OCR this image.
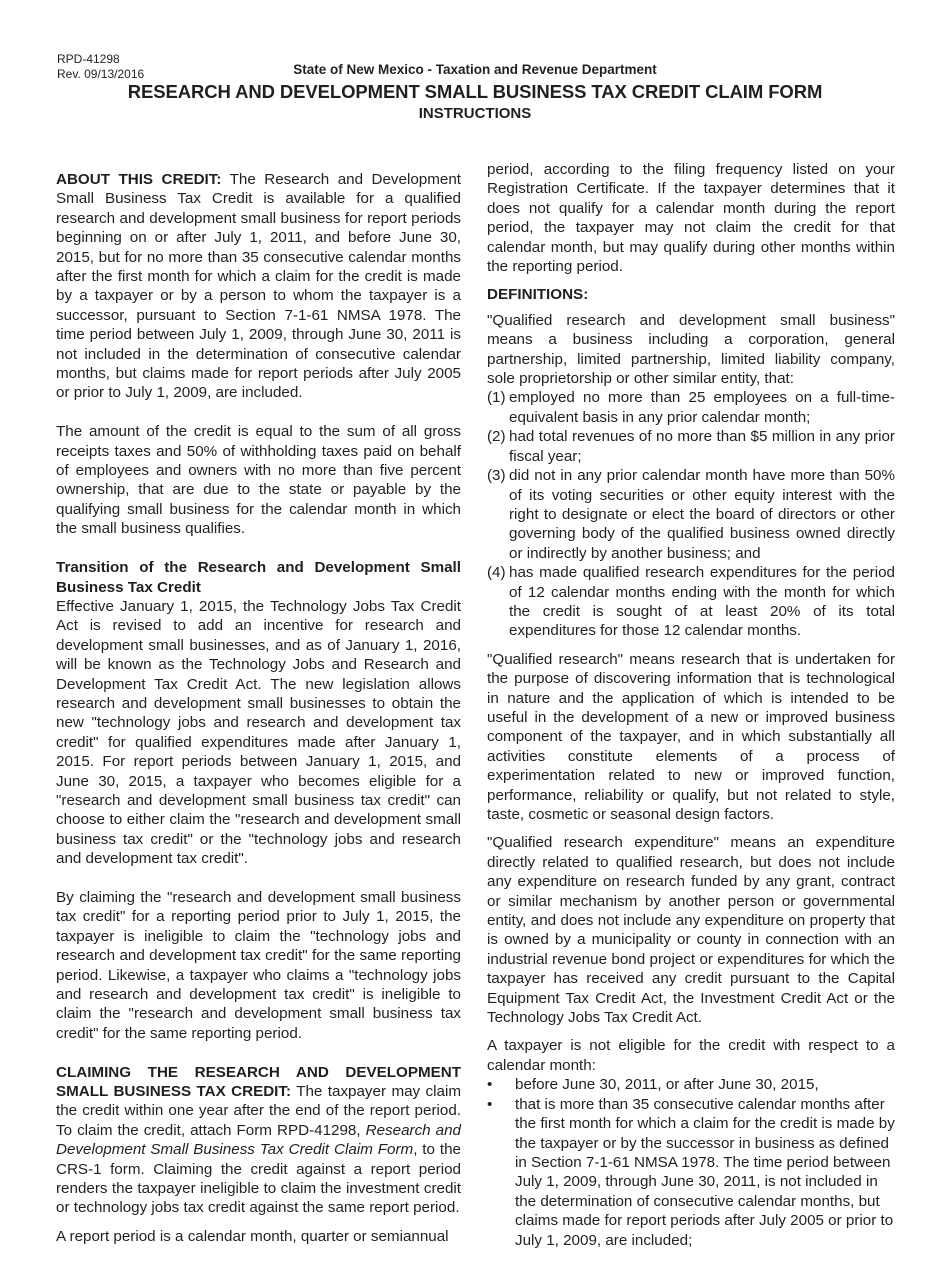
RPD-41298
Rev. 09/13/2016	State of New Mexico - Taxation and Revenue Department
RESEARCH AND DEVELOPMENT SMALL BUSINESS TAX CREDIT CLAIM FORM
INSTRUCTIONS

ABOUT THIS CREDIT: The Research and Development Small Business Tax Credit is available for a qualified research and development small business for report periods beginning on or after July 1, 2011, and before June 30, 2015, but for no more than 35 consecutive calendar months after the first month for which a claim for the credit is made by a taxpayer or by a person to whom the taxpayer is a successor, pursuant to Section 7-1-61 NMSA 1978. The time period between July 1, 2009, through June 30, 2011 is not included in the determination of consecutive calendar months, but claims made for report periods after July 2005 or prior to July 1, 2009, are included.

The amount of the credit is equal to the sum of all gross receipts taxes and 50% of withholding taxes paid on behalf of employees and owners with no more than five percent ownership, that are due to the state or payable by the qualifying small business for the calendar month in which the small business qualifies.

Transition of the Research and Development Small Business Tax Credit

Effective January 1, 2015, the Technology Jobs Tax Credit Act is revised to add an incentive for research and development small businesses, and as of January 1, 2016, will be known as the Technology Jobs and Research and Development Tax Credit Act. The new legislation allows research and development small businesses to obtain the new "technology jobs and research and development tax credit" for qualified expenditures made after January 1, 2015. For report periods between January 1, 2015, and June 30, 2015, a taxpayer who becomes eligible for a "research and development small business tax credit" can choose to either claim the "research and development small business tax credit" or the "technology jobs and research and development tax credit".

By claiming the "research and development small business tax credit" for a reporting period prior to July 1, 2015, the taxpayer is ineligible to claim the "technology jobs and research and development tax credit" for the same reporting period. Likewise, a taxpayer who claims a "technology jobs and research and development tax credit" is ineligible to claim the "research and development small business tax credit" for the same reporting period.

CLAIMING THE RESEARCH AND DEVELOPMENT SMALL BUSINESS TAX CREDIT: The taxpayer may claim the credit within one year after the end of the report period. To claim the credit, attach Form RPD-41298, Research and Development Small Business Tax Credit Claim Form, to the CRS-1 form. Claiming the credit against a report period renders the taxpayer ineligible to claim the investment credit or technology jobs tax credit against the same report period.

A report period is a calendar month, quarter or semiannual

period, according to the filing frequency listed on your Registration Certificate. If the taxpayer determines that it does not qualify for a calendar month during the report period, the taxpayer may not claim the credit for that calendar month, but may qualify during other months within the reporting period.

DEFINITIONS:

"Qualified research and development small business" means a business including a corporation, general partnership, limited partnership, limited liability company, sole proprietorship or other similar entity, that:

(1) employed no more than 25 employees on a full-time-equivalent basis in any prior calendar month;
(2) had total revenues of no more than $5 million in any prior fiscal year;
(3) did not in any prior calendar month have more than 50% of its voting securities or other equity interest with the right to designate or elect the board of directors or other governing body of the qualified business owned directly or indirectly by another business; and
(4) has made qualified research expenditures for the period of 12 calendar months ending with the month for which the credit is sought of at least 20% of its total expenditures for those 12 calendar months.

"Qualified research" means research that is undertaken for the purpose of discovering information that is technological in nature and the application of which is intended to be useful in the development of a new or improved business component of the taxpayer, and in which substantially all activities constitute elements of a process of experimentation related to new or improved function, performance, reliability or qualify, but not related to style, taste, cosmetic or seasonal design factors.

"Qualified research expenditure" means an expenditure directly related to qualified research, but does not include any expenditure on research funded by any grant, contract or similar mechanism by another person or governmental entity, and does not include any expenditure on property that is owned by a municipality or county in connection with an industrial revenue bond project or expenditures for which the taxpayer has received any credit pursuant to the Capital Equipment Tax Credit Act, the Investment Credit Act or the Technology Jobs Tax Credit Act.

A taxpayer is not eligible for the credit with respect to a calendar month:

•	before June 30, 2011, or after June 30, 2015,
•	that is more than 35 consecutive calendar months after the first month for which a claim for the credit is made by the taxpayer or by the successor in business as defined in Section 7-1-61 NMSA 1978. The time period between July 1, 2009, through June 30, 2011, is not included in the determination of consecutive calendar months, but claims made for report periods after July 2005 or prior to July 1, 2009, are included;
